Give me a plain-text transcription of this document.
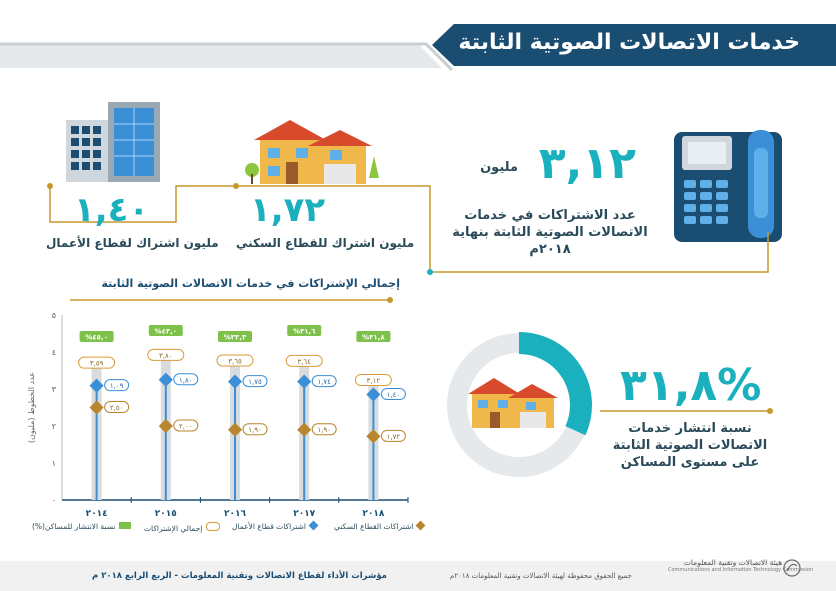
خدمات الاتصالات الصوتية الثابتة
٣,١٢
مليون
عدد الاشتراكات في خدمات
الاتصالات الصوتية الثابتة بنهاية
٢٠١٨م
١,٧٢
مليون اشتراك للقطاع السكني
١,٤٠
مليون اشتراك لقطاع الأعمال
%٣١,٨
نسبة انتشار خدمات
الاتصالات الصوتية الثابتة
على مستوى المساكن
إجمالي الإشتراكات في خدمات الاتصالات الصوتية الثابتة
٠
١
٢
٣
٤
٥
عدد الخطوط (مليون)
٢٠١٤
%٤٥,٠
٣,٥٩
١,٠٩
٢,٥٠
٢٠١٥
%٤٣,٠
٣,٨٠
١,٨٠
٢,٠٠
٢٠١٦
%٣٣,٣
٣,٦٥
١,٧٥
١,٩٠
٢٠١٧
%٣١,٦
٣,٦٤
١,٧٤
١,٩٠
٢٠١٨
%٣١,٨
٣,١٢
١,٤٠
١,٧٢
اشتراكات القطاع السكني
اشتراكات قطاع الأعمال
إجمالي الإشتراكات
نسبة الانتشار للمساكن(%)
مؤشرات الأداء لقطاع الاتصالات وتقنية المعلومات - الربع الرابع ٢٠١٨ م	جميع الحقوق محفوظة لهيئة الاتصالات وتقنية المعلومات ٢٠١٨م
هيئة الاتصالات وتقنية المعلومات
Communications and Information Technology Commission
